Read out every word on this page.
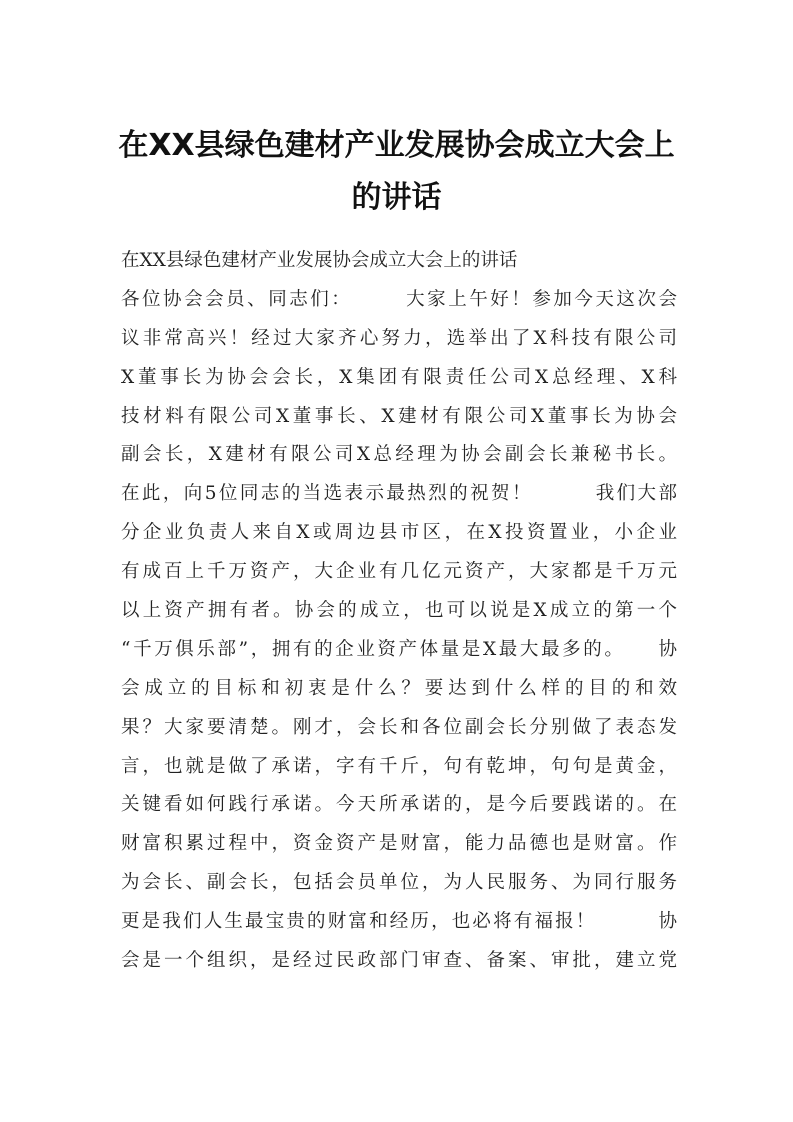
在XX县绿色建材产业发展协会成立大会上
的讲话
在XX县绿色建材产业发展协会成立大会上的讲话
各位协会会员、同志们：　　　大家上午好！参加今天这次会
议非常高兴！经过大家齐心努力，选举出了X科技有限公司
X董事长为协会会长，X集团有限责任公司X总经理、X科
技材料有限公司X董事长、X建材有限公司X董事长为协会
副会长，X建材有限公司X总经理为协会副会长兼秘书长。
在此，向5位同志的当选表示最热烈的祝贺！　　　我们大部
分企业负责人来自X或周边县市区，在X投资置业，小企业
有成百上千万资产，大企业有几亿元资产，大家都是千万元
以上资产拥有者。协会的成立，也可以说是X成立的第一个
“千万俱乐部”，拥有的企业资产体量是X最大最多的。　　协
会成立的目标和初衷是什么？要达到什么样的目的和效
果？大家要清楚。刚才，会长和各位副会长分别做了表态发
言，也就是做了承诺，字有千斤，句有乾坤，句句是黄金，
关键看如何践行承诺。今天所承诺的，是今后要践诺的。在
财富积累过程中，资金资产是财富，能力品德也是财富。作
为会长、副会长，包括会员单位，为人民服务、为同行服务
更是我们人生最宝贵的财富和经历，也必将有福报！　　　协
会是一个组织，是经过民政部门审查、备案、审批，建立党
